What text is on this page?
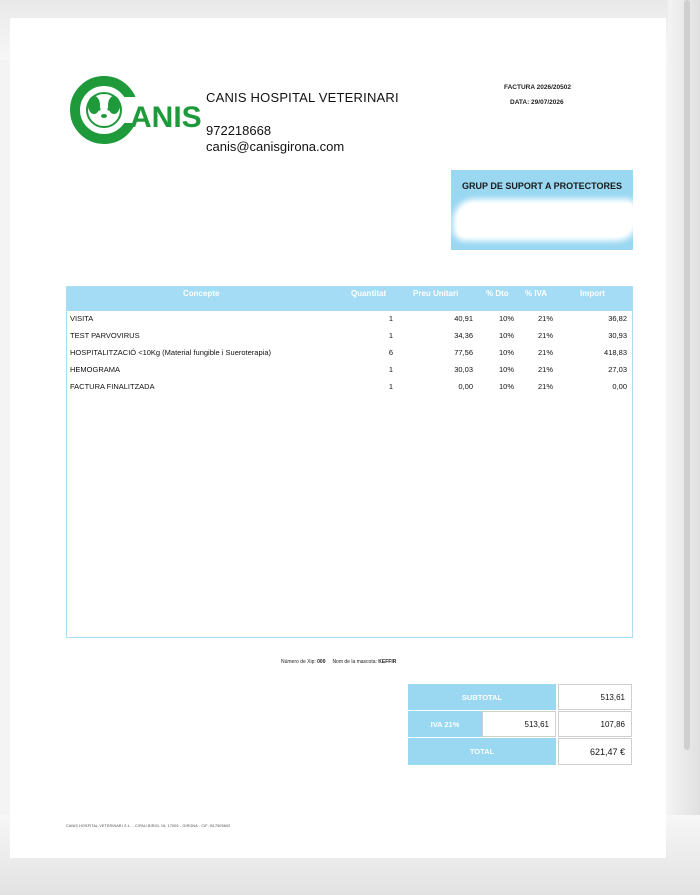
ANIS
CANIS HOSPITAL VETERINARI
972218668
canis@canisgirona.com
FACTURA 2026/20502
DATA: 29/07/2026
GRUP DE SUPORT A PROTECTORES
Concepte	Quantitat	Preu Unitari	% Dto % IVA	Import
VISITA	1	40,91	10%	21%	36,82
TEST PARVOVIRUS	1	34,36	10%	21%	30,93
HOSPITALITZACIÓ <10Kg (Material fungible i Sueroterapia)	6	77,56	10%	21%	418,83
HEMOGRAMA	1	30,03	10%	21%	27,03
FACTURA FINALITZADA	1	0,00	10%	21%	0,00
Número de Xip: 000 Nom de la mascota: KEFFIR
SUBTOTAL	513,61
IVA 21%	513,61	107,86
TOTAL	621,47 €
CANIS HOSPITAL VETERINARI S.L. - C/PAU BIROL 16, 17005 - GIRONA - CIF: B17505692
